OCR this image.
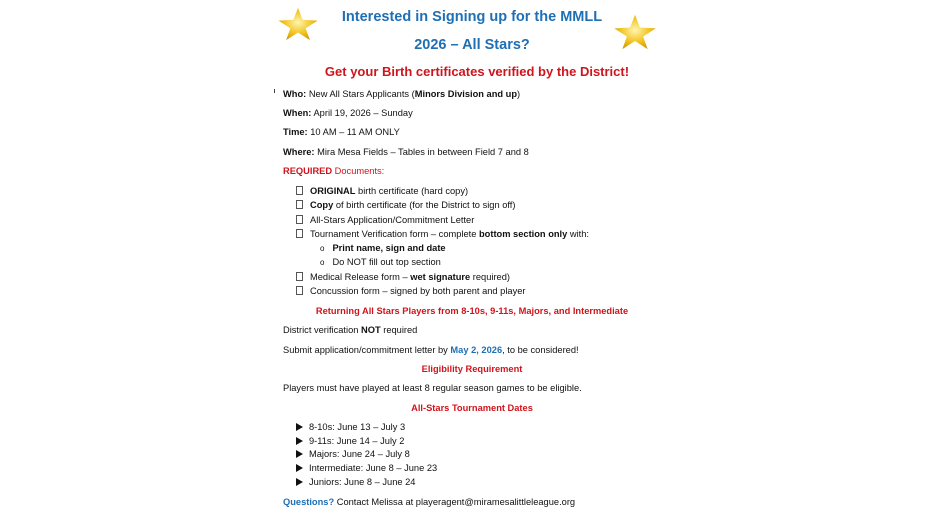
Interested in Signing up for the MMLL
2026 – All Stars?
Get your Birth certificates verified by the District!
Who: New All Stars Applicants (Minors Division and up)
When: April 19, 2026 – Sunday
Time: 10 AM – 11 AM ONLY
Where: Mira Mesa Fields – Tables in between Field 7 and 8
REQUIRED Documents:
ORIGINAL birth certificate (hard copy)
Copy of birth certificate (for the District to sign off)
All-Stars Application/Commitment Letter
Tournament Verification form – complete bottom section only with:
o Print name, sign and date
o Do NOT fill out top section
Medical Release form – wet signature required)
Concussion form – signed by both parent and player
Returning All Stars Players from 8-10s, 9-11s, Majors, and Intermediate
District verification NOT required
Submit application/commitment letter by May 2, 2026, to be considered!
Eligibility Requirement
Players must have played at least 8 regular season games to be eligible.
All-Stars Tournament Dates
8-10s: June 13 – July 3
9-11s: June 14 – July 2
Majors: June 24 – July 8
Intermediate: June 8 – June 23
Juniors: June 8 – June 24
Questions? Contact Melissa at playeragent@miramesalittleleague.org
